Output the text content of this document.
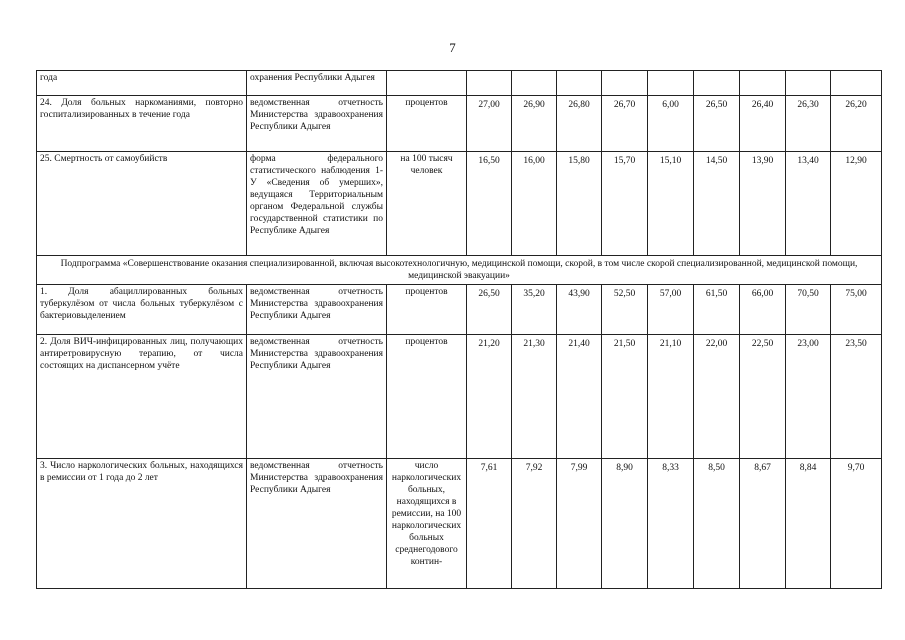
7
года	охранения Республики Адыгея										
24. Доля больных наркоманиями, повторно госпитализированных в течение года	ведомственная отчетность Министерства здравоохранения Республики Адыгея	процентов	27,00	26,90	26,80	26,70	6,00	26,50	26,40	26,30	26,20
25. Смертность от самоубийств	форма федерального статистического наблюдения 1-У «Сведения об умерших», ведущаяся Территориальным органом Федеральной службы государственной статистики по Республике Адыгея	на 100 тысяч человек	16,50	16,00	15,80	15,70	15,10	14,50	13,90	13,40	12,90
Подпрограмма «Совершенствование оказания специализированной, включая высокотехнологичную, медицинской помощи, скорой, в том числе скорой специализированной, медицинской помощи, медицинской эвакуации»											
1. Доля абациллированных больных туберкулёзом от числа больных туберкулёзом с бактериовыделением	ведомственная отчетность Министерства здравоохранения Республики Адыгея	процентов	26,50	35,20	43,90	52,50	57,00	61,50	66,00	70,50	75,00
2. Доля ВИЧ-инфицированных лиц, получающих антиретровирусную терапию, от числа состоящих на диспансерном учёте	ведомственная отчетность Министерства здравоохранения Республики Адыгея	процентов	21,20	21,30	21,40	21,50	21,10	22,00	22,50	23,00	23,50
3. Число наркологических больных, находящихся в ремиссии от 1 года до 2 лет	ведомственная отчетность Министерства здравоохранения Республики Адыгея	число наркологических больных, находящихся в ремиссии, на 100 наркологических больных среднегодового контин-	7,61	7,92	7,99	8,90	8,33	8,50	8,67	8,84	9,70
